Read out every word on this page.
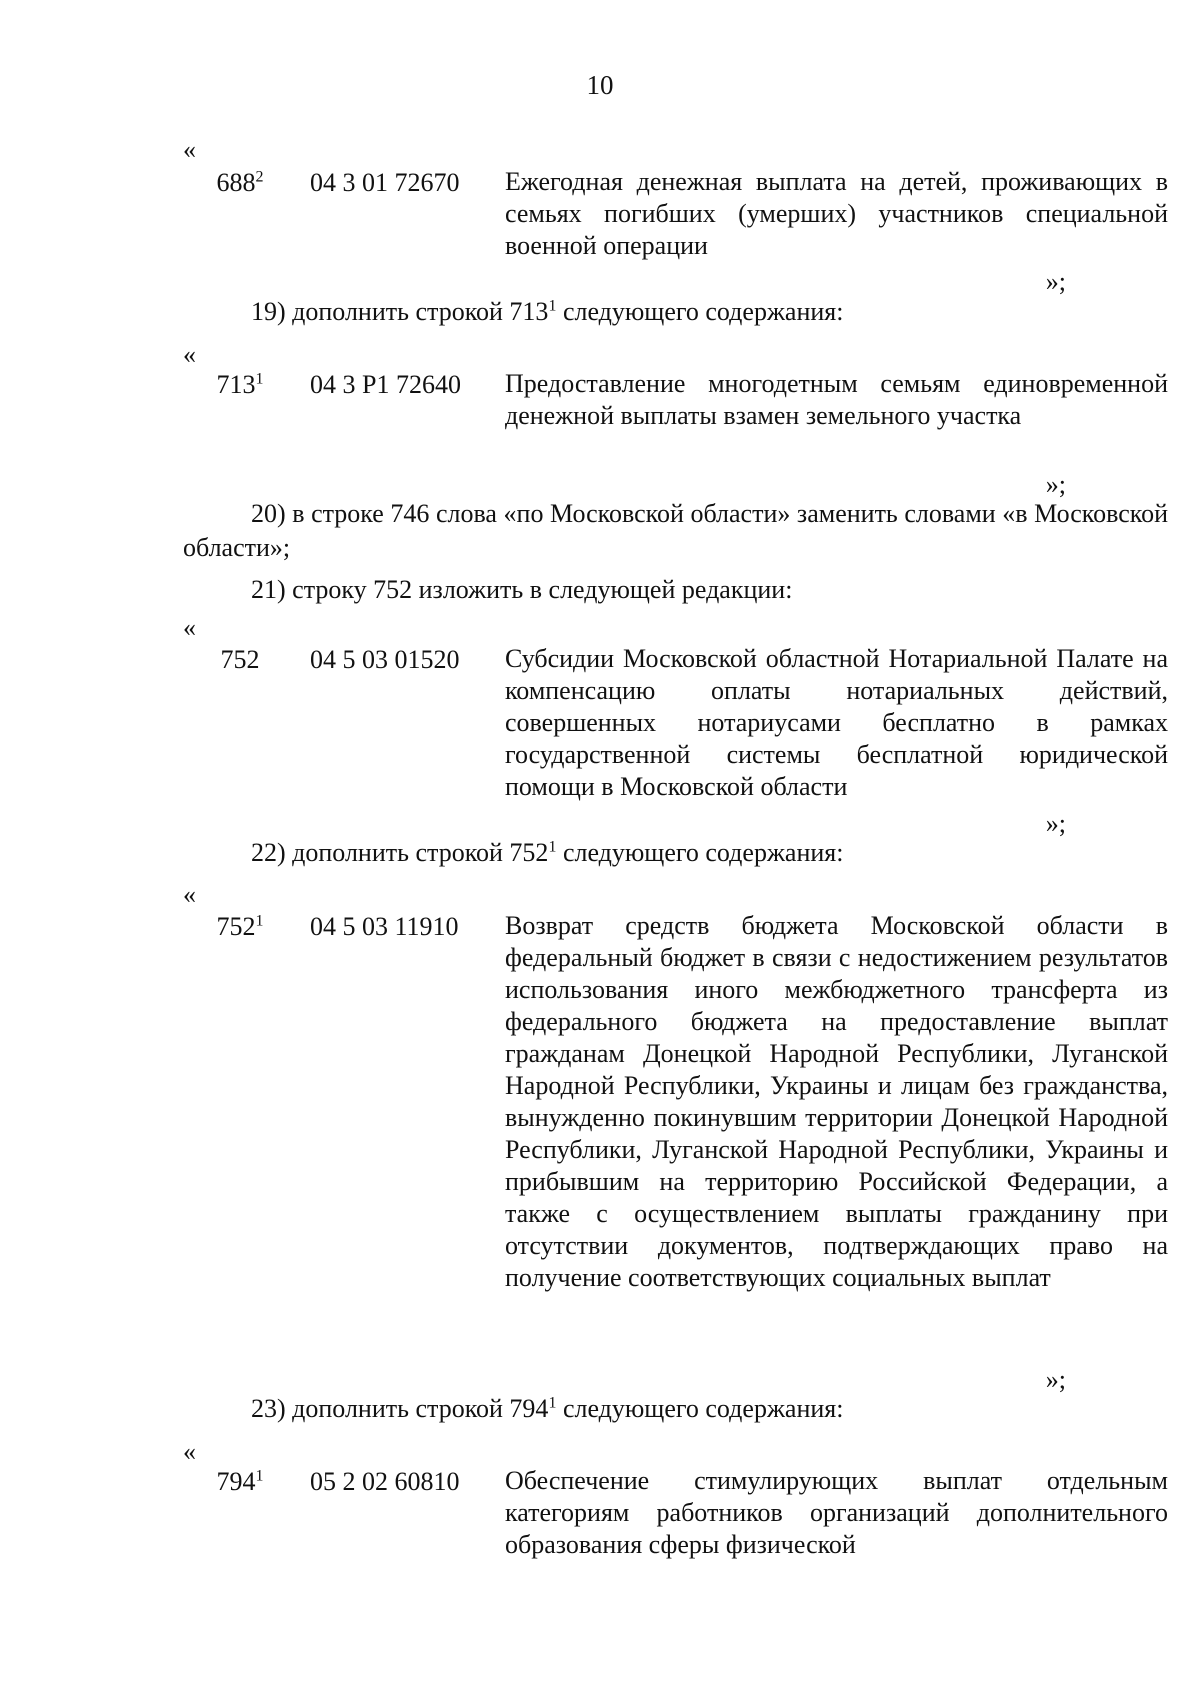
10
«
$688^2$	04 3 01 72670 Ежегодная денежная выплата на детей, проживающих в семьях погибших (умерших) участников специальной военной операции
»;
19) дополнить строкой $713^1$ следующего содержания:
«
$713^1$	04 3 P1 72640 Предоставление многодетным семьям единовременной денежной выплаты взамен земельного участка
»;
20) в строке 746 слова «по Московской области» заменить словами «в Московской области»;
21) строку 752 изложить в следующей редакции:
«
752	04 5 03 01520 Субсидии Московской областной Нотариальной Палате на компенсацию оплаты нотариальных действий, совершенных нотариусами бесплатно в рамках государственной системы бесплатной юридической помощи в Московской области
»;
22) дополнить строкой $752^1$ следующего содержания:
«
$752^1$	04 5 03 11910 Возврат средств бюджета Московской области в федеральный бюджет в связи с недостижением результатов использования иного межбюджетного трансферта из федерального бюджета на предоставление выплат гражданам Донецкой Народной Республики, Луганской Народной Республики, Украины и лицам без гражданства, вынужденно покинувшим территории Донецкой Народной Республики, Луганской Народной Республики, Украины и прибывшим на территорию Российской Федерации, а также с осуществлением выплаты гражданину при отсутствии документов, подтверждающих право на получение соответствующих социальных выплат
»;
23) дополнить строкой $794^1$ следующего содержания:
«
$794^1$	05 2 02 60810 Обеспечение стимулирующих выплат отдельным категориям работников организаций дополнительного образования сферы физической
